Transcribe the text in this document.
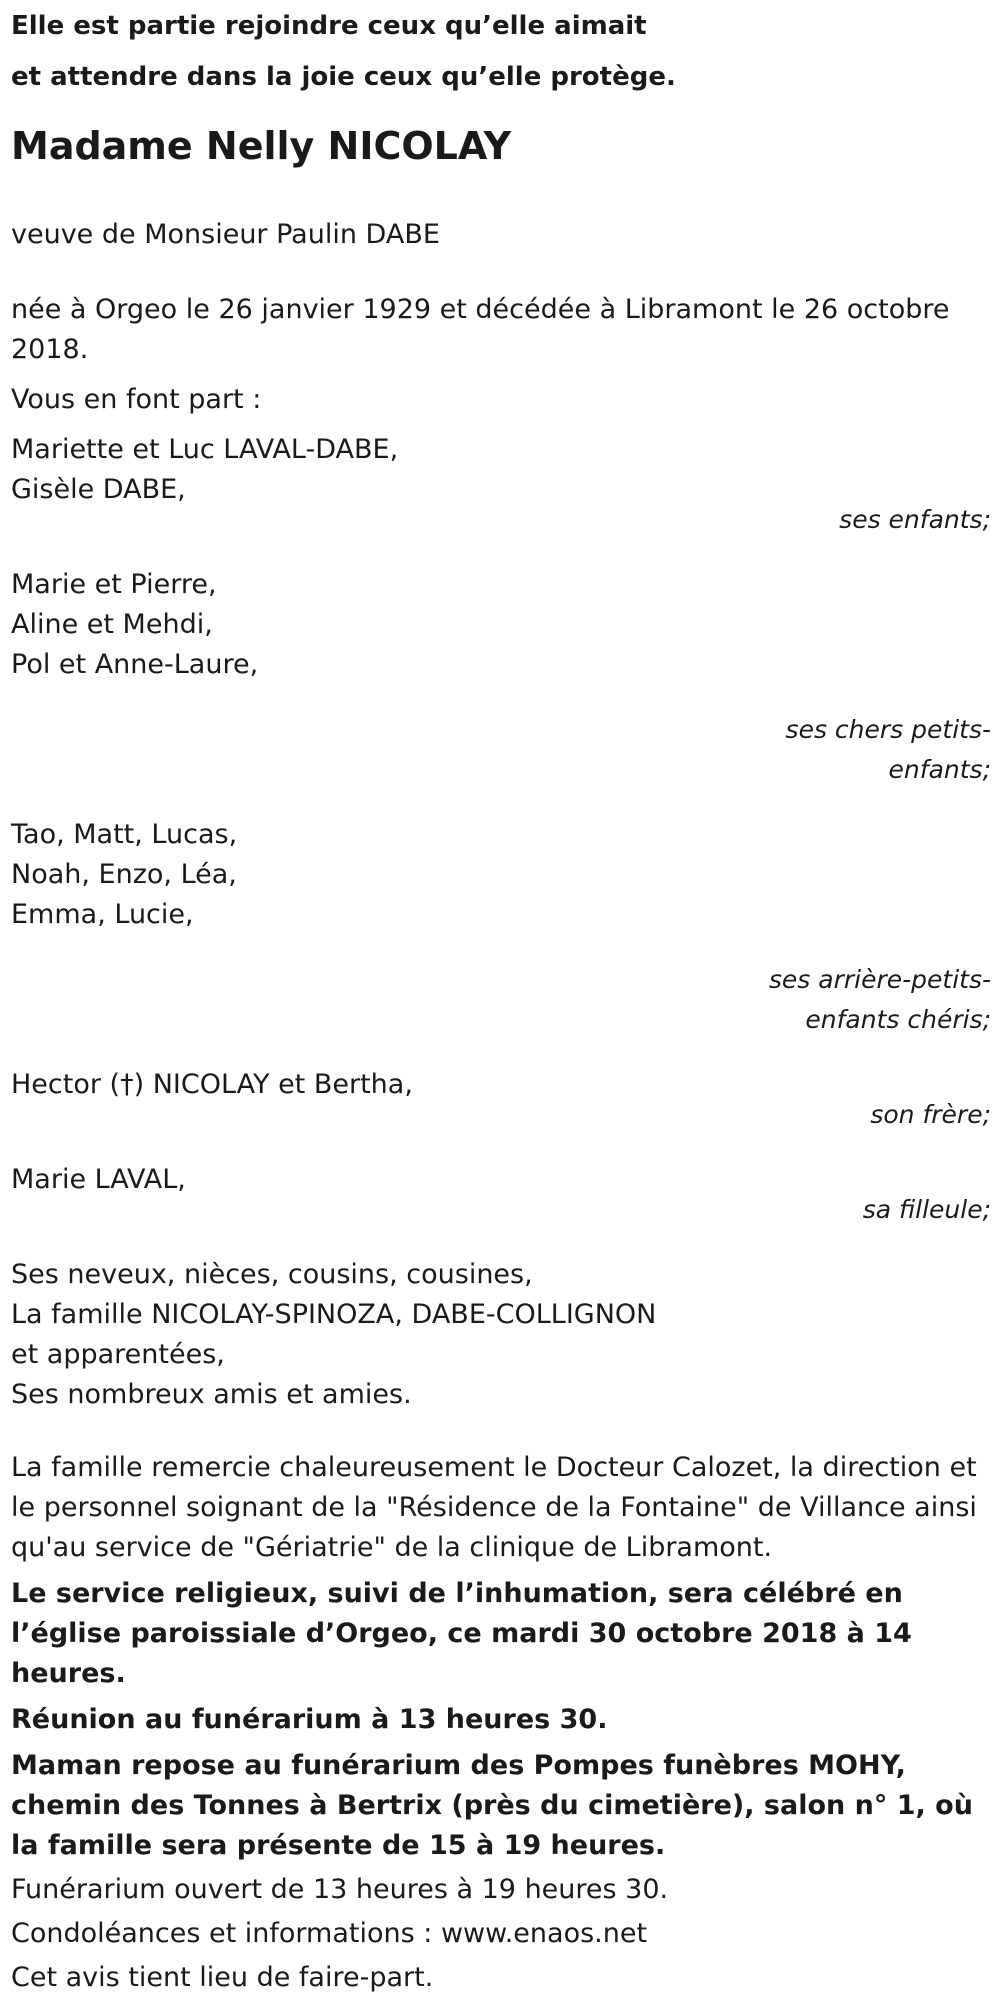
Elle est partie rejoindre ceux qu’elle aimait

et attendre dans la joie ceux qu’elle protège.

Madame Nelly NICOLAY

veuve de Monsieur Paulin DABE

née à Orgeo le 26 janvier 1929 et décédée à Libramont le 26 octobre 2018.

Vous en font part :

Mariette et Luc LAVAL-DABE,

Gisèle DABE,

ses enfants;

Marie et Pierre,

Aline et Mehdi,

Pol et Anne-Laure,

ses chers petits-enfants;

Tao, Matt, Lucas,

Noah, Enzo, Léa,

Emma, Lucie,

ses arrière-petits-enfants chéris;

Hector (†) NICOLAY et Bertha,

son frère;

Marie LAVAL,

sa filleule;

Ses neveux, nièces, cousins, cousines,

La famille NICOLAY-SPINOZA, DABE-COLLIGNON

et apparentées,

Ses nombreux amis et amies.

La famille remercie chaleureusement le Docteur Calozet, la direction et le personnel soignant de la "Résidence de la Fontaine" de Villance ainsi qu'au service de "Gériatrie" de la clinique de Libramont.

Le service religieux, suivi de l’inhumation, sera célébré en l’église paroissiale d’Orgeo, ce mardi 30 octobre 2018 à 14 heures.

Réunion au funérarium à 13 heures 30.

Maman repose au funérarium des Pompes funèbres MOHY, chemin des Tonnes à Bertrix (près du cimetière), salon n° 1, où la famille sera présente de 15 à 19 heures.

Funérarium ouvert de 13 heures à 19 heures 30.

Condoléances et informations : www.enaos.net

Cet avis tient lieu de faire-part.
